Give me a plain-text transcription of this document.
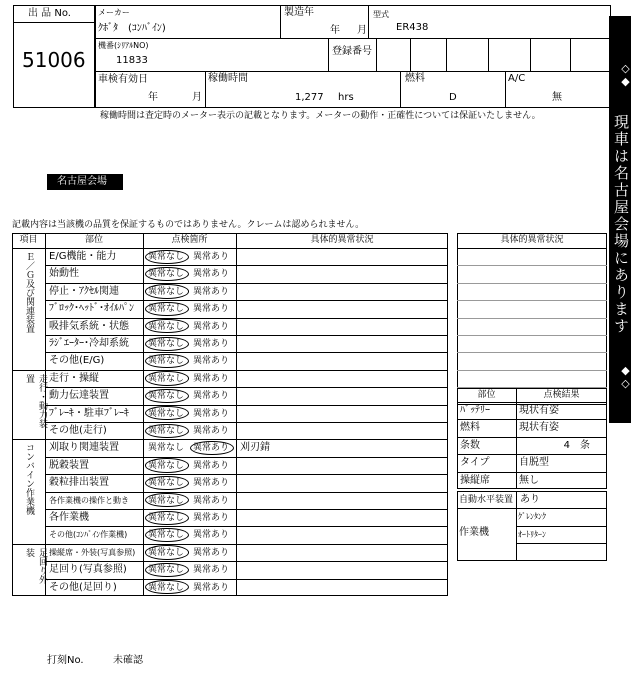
出 品 No.
51006
メーカー
ｸﾎﾞﾀ　(ｺﾝﾊﾞｲﾝ)
製造年
年 月
型式
ER438
機番(ｼﾘｱﾙNO)
11833
登録番号
車検有効日
年	月
稼働時間
1,277 hrs
燃料
D
A/C
無
稼働時間は査定時のメーター表示の記載となります。メーターの動作・正確性については保証いたしません。
◇◆
現車は名古屋会場にあります
◆◇
名古屋会場
記載内容は当該機の品質を保証するものではありません。クレームは認められません。
項目	部位	点検箇所	具体的異常状況
E/G機能・能力	異常なし 異常あり
始動性	異常なし 異常あり
停止・ｱｸｾﾙ関連	異常なし 異常あり
ﾌﾞﾛｯｸ･ﾍｯﾄﾞ･ｵｲﾙﾊﾟﾝ 異常なし 異常あり
吸排気系統・状態 異常なし 異常あり
ﾗｼﾞｴｰﾀｰ･冷却系統 異常なし 異常あり
その他(E/G)	異常なし 異常あり
Ｅ／Ｇ及び関連装置
走行・操縦	異常なし 異常あり
動力伝達装置	異常なし 異常あり
ﾌﾞﾚｰｷ・駐車ﾌﾞﾚｰｷ 異常なし 異常あり
その他(走行)	異常なし 異常あり
走行・動力装置
刈取り関連装置	異常なし 異常あり 刈刃錆
脱穀装置	異常なし 異常あり
穀粒排出装置	異常なし 異常あり
各作業機の操作と動き 異常なし 異常あり
各作業機	異常なし 異常あり
その他(ｺﾝﾊﾞｲﾝ作業機) 異常なし 異常あり
コンバイン作業機
操縦席・外装(写真参照) 異常なし 異常あり
足回り(写真参照) 異常なし 異常あり
その他(足回り)	異常なし 異常あり
足回り外装
具体的異常状況
部位	点検結果
ﾊﾞｯﾃﾘｰ	現状有姿
燃料	現状有姿
条数	4　条
タイプ	自脱型
操縦席	無し
自動水平装置 あり
作業機
ｸﾞﾚﾝﾀﾝｸ
ｵｰﾄﾘﾀｰﾝ
打刻No.	未確認
